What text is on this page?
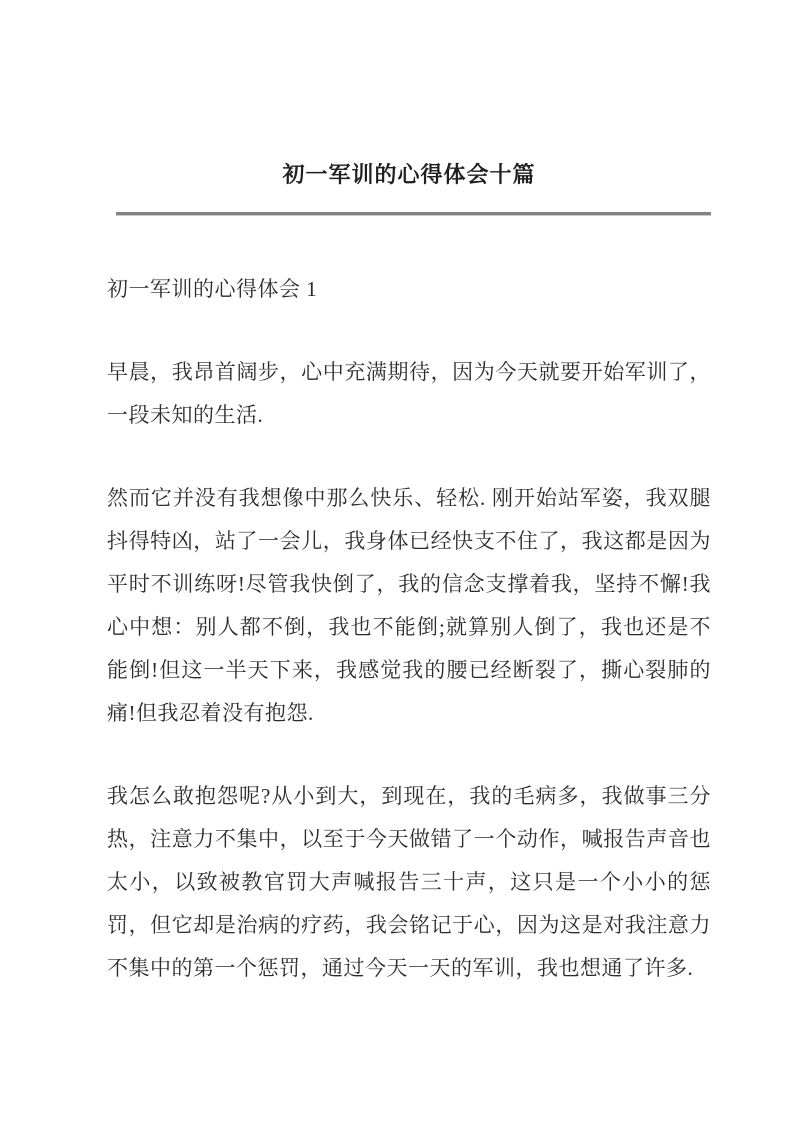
初一军训的心得体会十篇

初一军训的心得体会 1

早晨，我昂首阔步，心中充满期待，因为今天就要开始军训了，一段未知的生活.

然而它并没有我想像中那么快乐、轻松. 刚开始站军姿，我双腿抖得特凶，站了一会儿，我身体已经快支不住了，我这都是因为平时不训练呀!尽管我快倒了，我的信念支撑着我，坚持不懈!我心中想：别人都不倒，我也不能倒;就算别人倒了，我也还是不能倒!但这一半天下来，我感觉我的腰已经断裂了，撕心裂肺的痛!但我忍着没有抱怨.

我怎么敢抱怨呢?从小到大，到现在，我的毛病多，我做事三分热，注意力不集中，以至于今天做错了一个动作，喊报告声音也太小，以致被教官罚大声喊报告三十声，这只是一个小小的惩罚，但它却是治病的疗药，我会铭记于心，因为这是对我注意力不集中的第一个惩罚，通过今天一天的军训，我也想通了许多.
